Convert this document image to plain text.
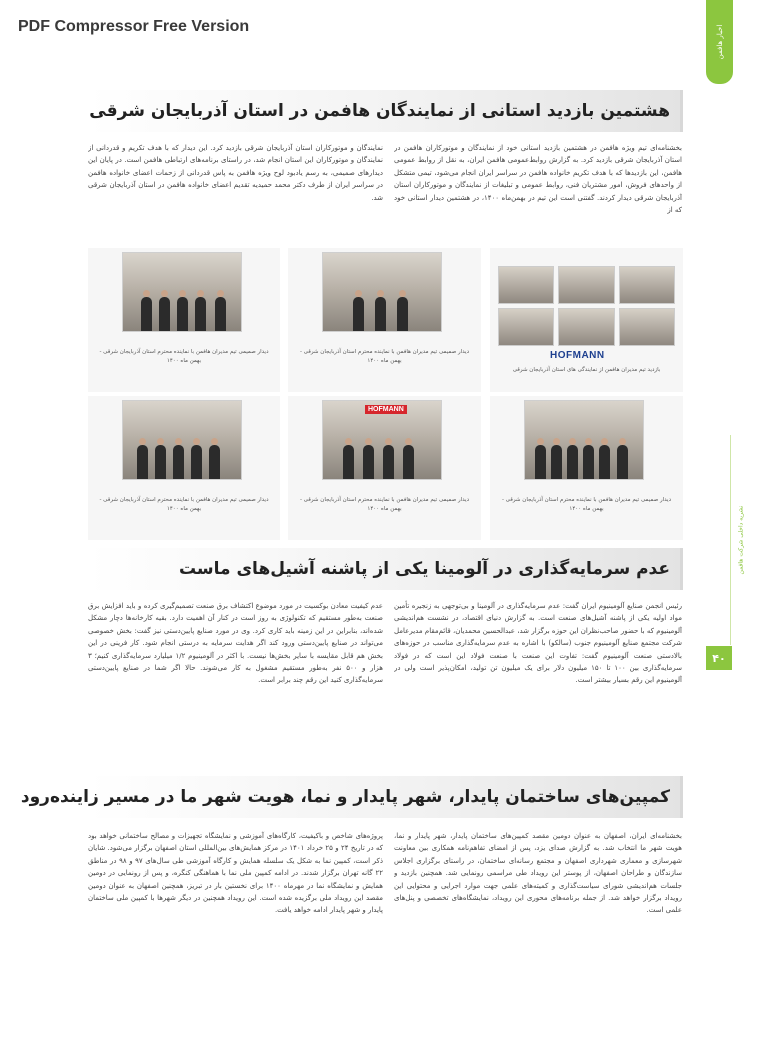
PDF Compressor Free Version	اخبار هافمن
نشریه داخلی شرکت هافمن
۴۰
هشتمین بازدید استانی از نمایندگان هافمن در استان آذربایجان شرقی
بخشنامه‌ای تیم ویژه هافمن در هشتمین بازدید استانی خود از نمایندگان و موتورکاران هافمن در استان آذربایجان شرقی بازدید کرد. به گزارش روابط‌عمومی هافمن ایران، به نقل از روابط عمومی هافمن، این بازدیدها که با هدف تکریم خانواده هافمن در سراسر ایران انجام می‌شود، تیمی متشکل از واحدهای فروش، امور مشتریان فنی، روابط عمومی و تبلیغات از نمایندگان و موتورکاران استان آذربایجان شرقی دیدار کردند. گفتنی است این تیم در بهمن‌ماه ۱۴۰۰، در هشتمین دیدار استانی خود که از
نمایندگان و موتورکاران استان آذربایجان شرقی بازدید کرد. این دیدار که با هدف تکریم و قدردانی از نمایندگان و موتورکاران این استان انجام شد، در راستای برنامه‌های ارتباطی هافمن است. در پایان این دیدارهای صمیمی، به رسم یادبود لوح ویژه هافمن به پاس قدردانی از زحمات اعضای خانواده هافمن در سراسر ایران از طرف دکتر محمد حمیدیه تقدیم اعضای خانواده هافمن در استان آذربایجان شرقی شد.
دیدار صمیمی تیم مدیران هافمن با نماینده محترم استان آذربایجان شرقی - بهمن ماه ۱۴۰۰
دیدار صمیمی تیم مدیران هافمن با نماینده محترم استان آذربایجان شرقی - بهمن ماه ۱۴۰۰	HOFMANN
بازدید تیم مدیران هافمن از نمایندگی های استان آذربایجان شرقی
دیدار صمیمی تیم مدیران هافمن با نماینده محترم استان آذربایجان شرقی - بهمن ماه ۱۴۰۰
HOFMANN
دیدار صمیمی تیم مدیران هافمن با نماینده محترم استان آذربایجان شرقی - بهمن ماه ۱۴۰۰
دیدار صمیمی تیم مدیران هافمن با نماینده محترم استان آذربایجان شرقی - بهمن ماه ۱۴۰۰
عدم سرمایه‌گذاری در آلومینا یکی از پاشنه آشیل‌های ماست
رئیس انجمن صنایع آلومینیوم ایران گفت: عدم سرمایه‌گذاری در آلومینا و بی‌توجهی به زنجیره تأمین مواد اولیه یکی از پاشنه آشیل‌های صنعت است. به گزارش دنیای اقتصاد، در نشست هم‌اندیشی آلومینیوم که با حضور صاحب‌نظران این حوزه برگزار شد، عبدالحسین محمدیان، قائم‌مقام مدیرعامل شرکت مجتمع صنایع آلومینیوم جنوب (سالکو) با اشاره به عدم سرمایه‌گذاری مناسب در حوزه‌های بالادستی صنعت آلومینیوم گفت: تفاوت این صنعت با صنعت فولاد این است که در فولاد سرمایه‌گذاری بین ۱۰۰ تا ۱۵۰ میلیون دلار برای یک میلیون تن تولید، امکان‌پذیر است ولی در آلومینیوم این رقم بسیار بیشتر است.
عدم کیفیت معادن بوکسیت در مورد موضوع اکتشاف برق صنعت تصمیم‌گیری کرده و باید افزایش برق صنعت به‌طور مستقیم که تکنولوژی به روز است در کنار آن اهمیت دارد. بقیه کارخانه‌ها دچار مشکل شده‌اند، بنابراین در این زمینه باید کاری کرد. وی در مورد صنایع پایین‌دستی نیز گفت: بخش خصوصی می‌تواند در صنایع پایین‌دستی ورود کند اگر هدایت سرمایه به درستی انجام شود. کار فرینی در این بخش هم قابل مقایسه با سایر بخش‌ها نیست. با اکثر در آلومینیوم ۱/۲ میلیارد سرمایه‌گذاری کنیم؛ ۳ هزار و ۵۰۰ نفر به‌طور مستقیم مشغول به کار می‌شوند. حالا اگر شما در صنایع پایین‌دستی سرمایه‌گذاری کنید این رقم چند برابر است.
کمپین‌های ساختمان پایدار، شهر پایدار و نما، هویت شهر ما در مسیر زاینده‌رود
بخشنامه‌ای ایران، اصفهان به عنوان دومین مقصد کمپین‌های ساختمان پایدار، شهر پایدار و نما، هویت شهر ما انتخاب شد. به گزارش صدای یزد، پس از امضای تفاهم‌نامه همکاری بین معاونت شهرسازی و معماری شهرداری اصفهان و مجتمع رسانه‌ای ساختمان، در راستای برگزاری اجلاس سازندگان و طراحان اصفهان، از پوستر این رویداد طی مراسمی رونمایی شد. همچنین بازدید و جلسات هم‌اندیشی شورای سیاست‌گذاری و کمیته‌های علمی جهت موارد اجرایی و محتوایی این رویداد برگزار خواهد شد. از جمله برنامه‌های محوری این رویداد، نمایشگاه‌های تخصصی و پنل‌های علمی است.
پروژه‌های شاخص و باکیفیت، کارگاه‌های آموزشی و نمایشگاه تجهیزات و مصالح ساختمانی خواهد بود که در تاریخ ۲۴ و ۲۵ خرداد ۱۴۰۱ در مرکز همایش‌های بین‌المللی استان اصفهان برگزار می‌شود. شایان ذکر است، کمپین نما به شکل یک سلسله همایش و کارگاه آموزشی طی سال‌های ۹۷ و ۹۸ در مناطق ۲۲ گانه تهران برگزار شدند. در ادامه کمپین ملی نما با هماهنگی کنگره، و پس از رونمایی در دومین همایش و نمایشگاه نما در مهرماه ۱۴۰۰ برای نخستین بار در تبریز، همچنین اصفهان به عنوان دومین مقصد این رویداد ملی برگزیده شده است. این رویداد همچنین در دیگر شهرها با کمپین ملی ساختمان پایدار و شهر پایدار ادامه خواهد یافت.
